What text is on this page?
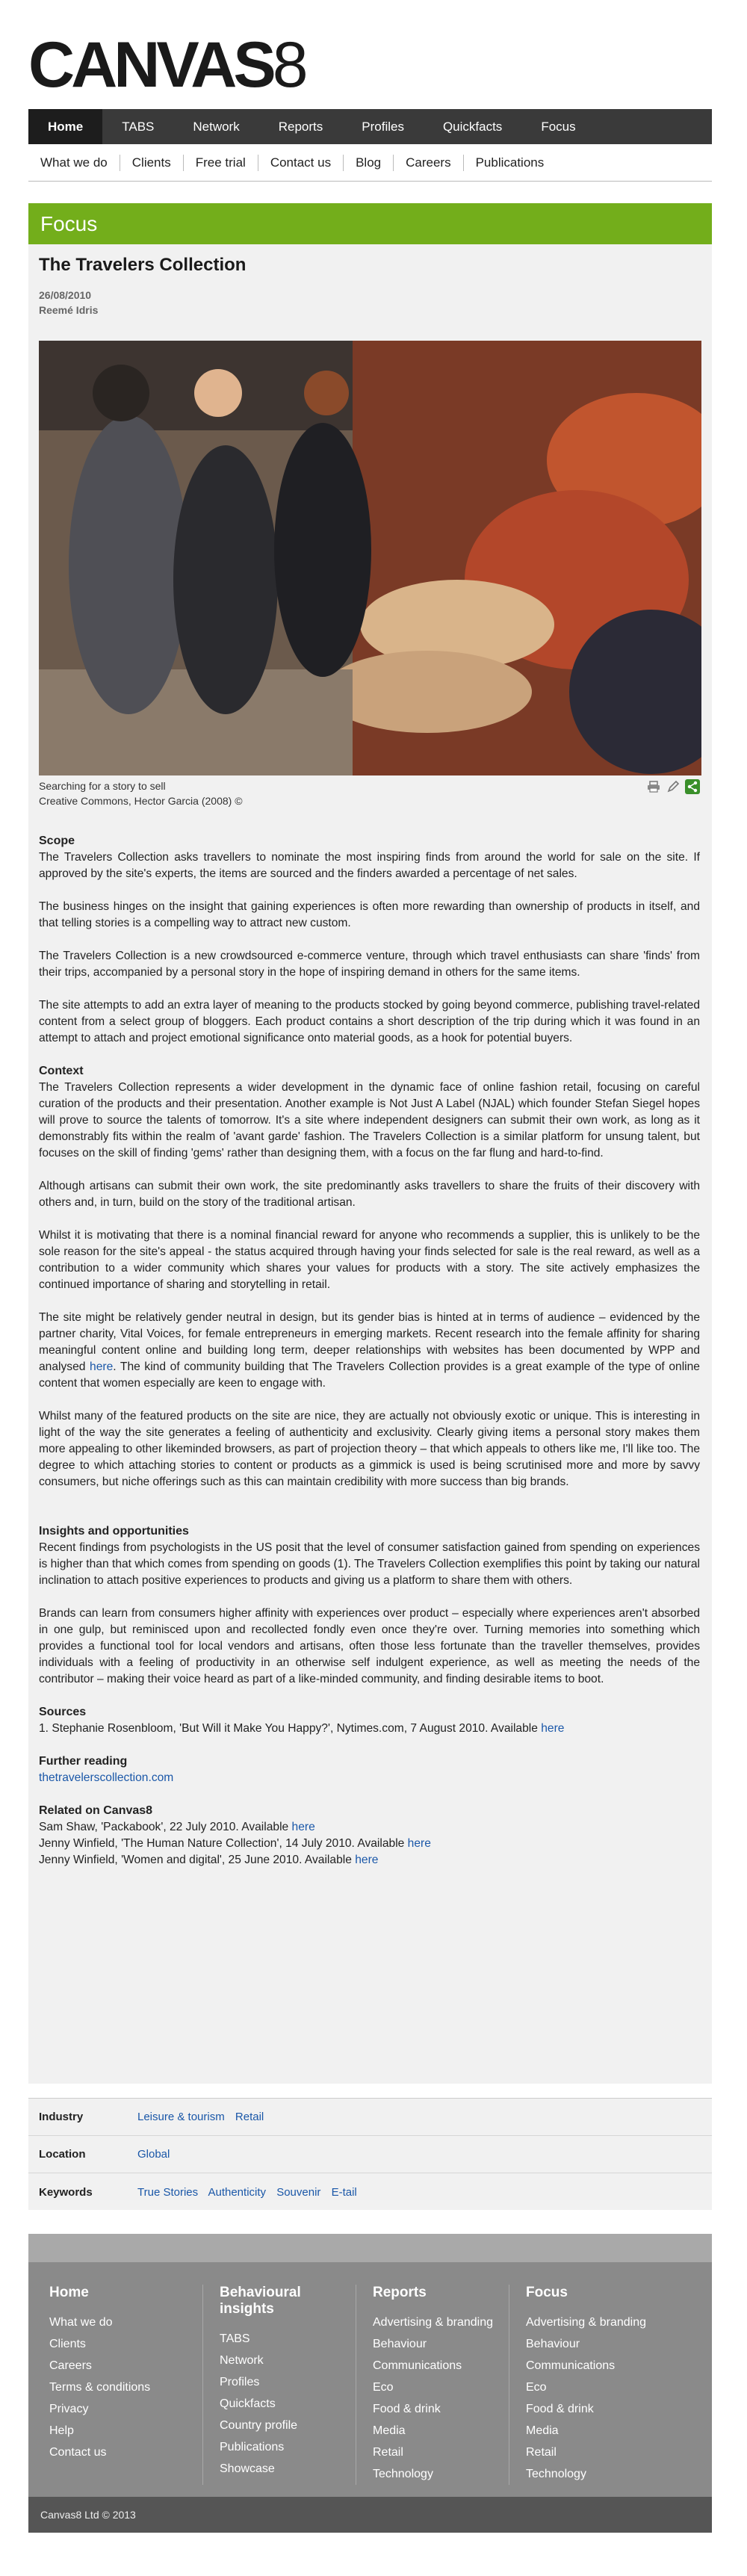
CANVAS8
Home	TABS	Network	Reports	Profiles	Quickfacts	Focus
What we do	Clients	Free trial	Contact us	Blog	Careers	Publications
Focus
The Travelers Collection
26/08/2010
Reemé Idris
Searching for a story to sell
Creative Commons, Hector Garcia (2008) ©
Scope

The Travelers Collection asks travellers to nominate the most inspiring finds from around the world for sale on the site. If approved by the site's experts, the items are sourced and the finders awarded a percentage of net sales.

The business hinges on the insight that gaining experiences is often more rewarding than ownership of products in itself, and that telling stories is a compelling way to attract new custom.

The Travelers Collection is a new crowdsourced e-commerce venture, through which travel enthusiasts can share 'finds' from their trips, accompanied by a personal story in the hope of inspiring demand in others for the same items.

The site attempts to add an extra layer of meaning to the products stocked by going beyond commerce, publishing travel-related content from a select group of bloggers. Each product contains a short description of the trip during which it was found in an attempt to attach and project emotional significance onto material goods, as a hook for potential buyers.

Context

The Travelers Collection represents a wider development in the dynamic face of online fashion retail, focusing on careful curation of the products and their presentation. Another example is Not Just A Label (NJAL) which founder Stefan Siegel hopes will prove to source the talents of tomorrow. It's a site where independent designers can submit their own work, as long as it demonstrably fits within the realm of 'avant garde' fashion. The Travelers Collection is a similar platform for unsung talent, but focuses on the skill of finding 'gems' rather than designing them, with a focus on the far flung and hard-to-find.

Although artisans can submit their own work, the site predominantly asks travellers to share the fruits of their discovery with others and, in turn, build on the story of the traditional artisan.

Whilst it is motivating that there is a nominal financial reward for anyone who recommends a supplier, this is unlikely to be the sole reason for the site's appeal - the status acquired through having your finds selected for sale is the real reward, as well as a contribution to a wider community which shares your values for products with a story. The site actively emphasizes the continued importance of sharing and storytelling in retail.

The site might be relatively gender neutral in design, but its gender bias is hinted at in terms of audience – evidenced by the partner charity, Vital Voices, for female entrepreneurs in emerging markets. Recent research into the female affinity for sharing meaningful content online and building long term, deeper relationships with websites has been documented by WPP and analysed here. The kind of community building that The Travelers Collection provides is a great example of the type of online content that women especially are keen to engage with.

Whilst many of the featured products on the site are nice, they are actually not obviously exotic or unique. This is interesting in light of the way the site generates a feeling of authenticity and exclusivity. Clearly giving items a personal story makes them more appealing to other likeminded browsers, as part of projection theory – that which appeals to others like me, I'll like too. The degree to which attaching stories to content or products as a gimmick is used is being scrutinised more and more by savvy consumers, but niche offerings such as this can maintain credibility with more success than big brands.

Insights and opportunities

Recent findings from psychologists in the US posit that the level of consumer satisfaction gained from spending on experiences is higher than that which comes from spending on goods (1). The Travelers Collection exemplifies this point by taking our natural inclination to attach positive experiences to products and giving us a platform to share them with others.

Brands can learn from consumers higher affinity with experiences over product – especially where experiences aren't absorbed in one gulp, but reminisced upon and recollected fondly even once they're over. Turning memories into something which provides a functional tool for local vendors and artisans, often those less fortunate than the traveller themselves, provides individuals with a feeling of productivity in an otherwise self indulgent experience, as well as meeting the needs of the contributor – making their voice heard as part of a like-minded community, and finding desirable items to boot.

Sources

1. Stephanie Rosenbloom, 'But Will it Make You Happy?', Nytimes.com, 7 August 2010. Available here

Further reading

thetravelerscollection.com

Related on Canvas8
Sam Shaw, 'Packabook', 22 July 2010. Available here
Jenny Winfield, 'The Human Nature Collection', 14 July 2010. Available here
Jenny Winfield, 'Women and digital', 25 June 2010. Available here
Industry	Leisure & tourism Retail
Location	Global
Keywords	True Stories Authenticity Souvenir E-tail
Home
What we do
Clients
Careers
Terms & conditions
Privacy
Help
Contact us
Behavioural insights
TABS
Network
Profiles
Quickfacts
Country profile
Publications
Showcase
Reports
Advertising & branding
Behaviour
Communications
Eco
Food & drink
Media
Retail
Technology
Focus
Advertising & branding
Behaviour
Communications
Eco
Food & drink
Media
Retail
Technology
Canvas8 Ltd © 2013
